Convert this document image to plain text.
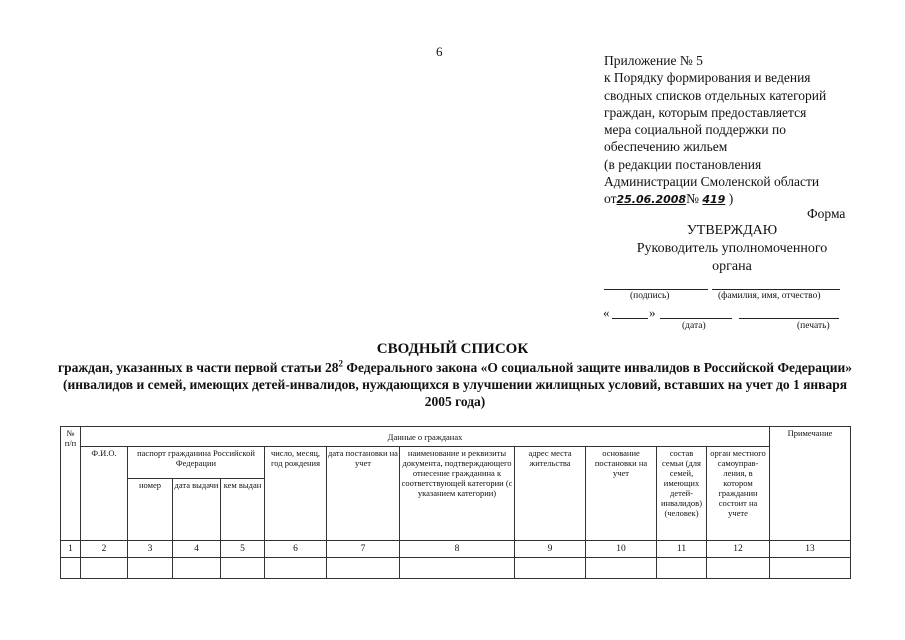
6
Приложение № 5
к Порядку формирования и ведения
сводных списков отдельных категорий
граждан, которым предоставляется
мера социальной поддержки по
обеспечению жильем
(в редакции постановления
Администрации Смоленской области
от25.06.2008№ 419 )
Форма
УТВЕРЖДАЮ
Руководитель уполномоченного
органа
(подпись)	(фамилия, имя, отчество)
«	»
(дата)	(печать)
СВОДНЫЙ СПИСОК
граждан, указанных в части первой статьи $28^2$ Федерального закона «О социальной защите инвалидов в Российской Федерации» (инвалидов и семей, имеющих детей-инвалидов, нуждающихся в улучшении жилищных условий, вставших на учет до 1 января 2005 года)
№ п/п	Данные о гражданах											Примечание
	Ф.И.О.	паспорт гражданина Российской Федерации			число, месяц, год рождения	дата постановки на учет	наименование и реквизиты документа, подтверждающего отнесение гражданина к соответствующей категории (с указанием категории)	адрес места жительства	основание постановки на учет	состав семьи (для семей, имеющих детей-инвалидов) (человек)	орган местного самоуправ-ления, в котором гражданин состоит на учете	
		номер	дата выдачи	кем выдан								
1	2	3	4	5	6	7	8	9	10	11	12	13
